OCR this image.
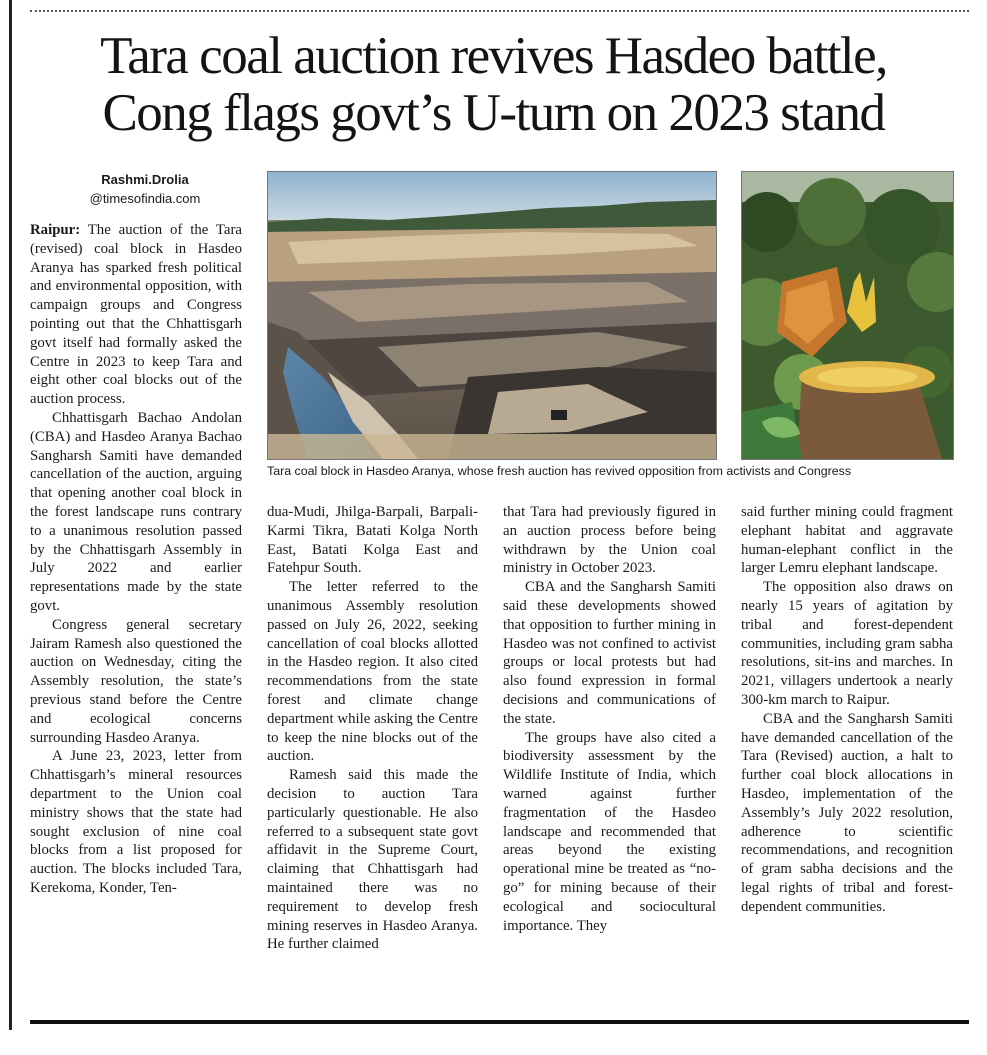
Tara coal auction revives Hasdeo battle,
Cong flags govt’s U-turn on 2023 stand
Rashmi.Drolia
@timesofindia.com
Tara coal block in Hasdeo Aranya, whose fresh auction has revived opposition from activists and Congress

Raipur: The auction of the Tara (revised) coal block in Hasdeo Aranya has sparked fresh political and environmental opposition, with campaign groups and Congress pointing out that the Chhattisgarh govt itself had formally asked the Centre in 2023 to keep Tara and eight other coal blocks out of the auction process.

Chhattisgarh Bachao Andolan (CBA) and Hasdeo Aranya Bachao Sangharsh Samiti have demanded cancellation of the auction, arguing that opening another coal block in the forest landscape runs contrary to a unanimous resolution passed by the Chhattisgarh Assembly in July 2022 and earlier representations made by the state govt.

Congress general secretary Jairam Ramesh also questioned the auction on Wednesday, citing the Assembly resolution, the state’s previous stand before the Centre and ecological concerns surrounding Hasdeo Aranya.

A June 23, 2023, letter from Chhattisgarh’s mineral resources department to the Union coal ministry shows that the state had sought exclusion of nine coal blocks from a list proposed for auction. The blocks included Tara, Kerekoma, Konder, Ten-

dua-Mudi, Jhilga-Barpali, Barpali-Karmi Tikra, Batati Kolga North East, Batati Kolga East and Fatehpur South.

The letter referred to the unanimous Assembly resolution passed on July 26, 2022, seeking cancellation of coal blocks allotted in the Hasdeo region. It also cited recommendations from the state forest and climate change department while asking the Centre to keep the nine blocks out of the auction.

Ramesh said this made the decision to auction Tara particularly questionable. He also referred to a subsequent state govt affidavit in the Supreme Court, claiming that Chhattisgarh had maintained there was no requirement to develop fresh mining reserves in Hasdeo Aranya. He further claimed

that Tara had previously figured in an auction process before being withdrawn by the Union coal ministry in October 2023.

CBA and the Sangharsh Samiti said these developments showed that opposition to further mining in Hasdeo was not confined to activist groups or local protests but had also found expression in formal decisions and communications of the state.

The groups have also cited a biodiversity assessment by the Wildlife Institute of India, which warned against further fragmentation of the Hasdeo landscape and recommended that areas beyond the existing operational mine be treated as “no-go” for mining because of their ecological and sociocultural importance. They

said further mining could fragment elephant habitat and aggravate human-elephant conflict in the larger Lemru elephant landscape.

The opposition also draws on nearly 15 years of agitation by tribal and forest-dependent communities, including gram sabha resolutions, sit-ins and marches. In 2021, villagers undertook a nearly 300-km march to Raipur.

CBA and the Sangharsh Samiti have demanded cancellation of the Tara (Revised) auction, a halt to further coal block allocations in Hasdeo, implementation of the Assembly’s July 2022 resolution, adherence to scientific recommendations, and recognition of gram sabha decisions and the legal rights of tribal and forest-dependent communities.
